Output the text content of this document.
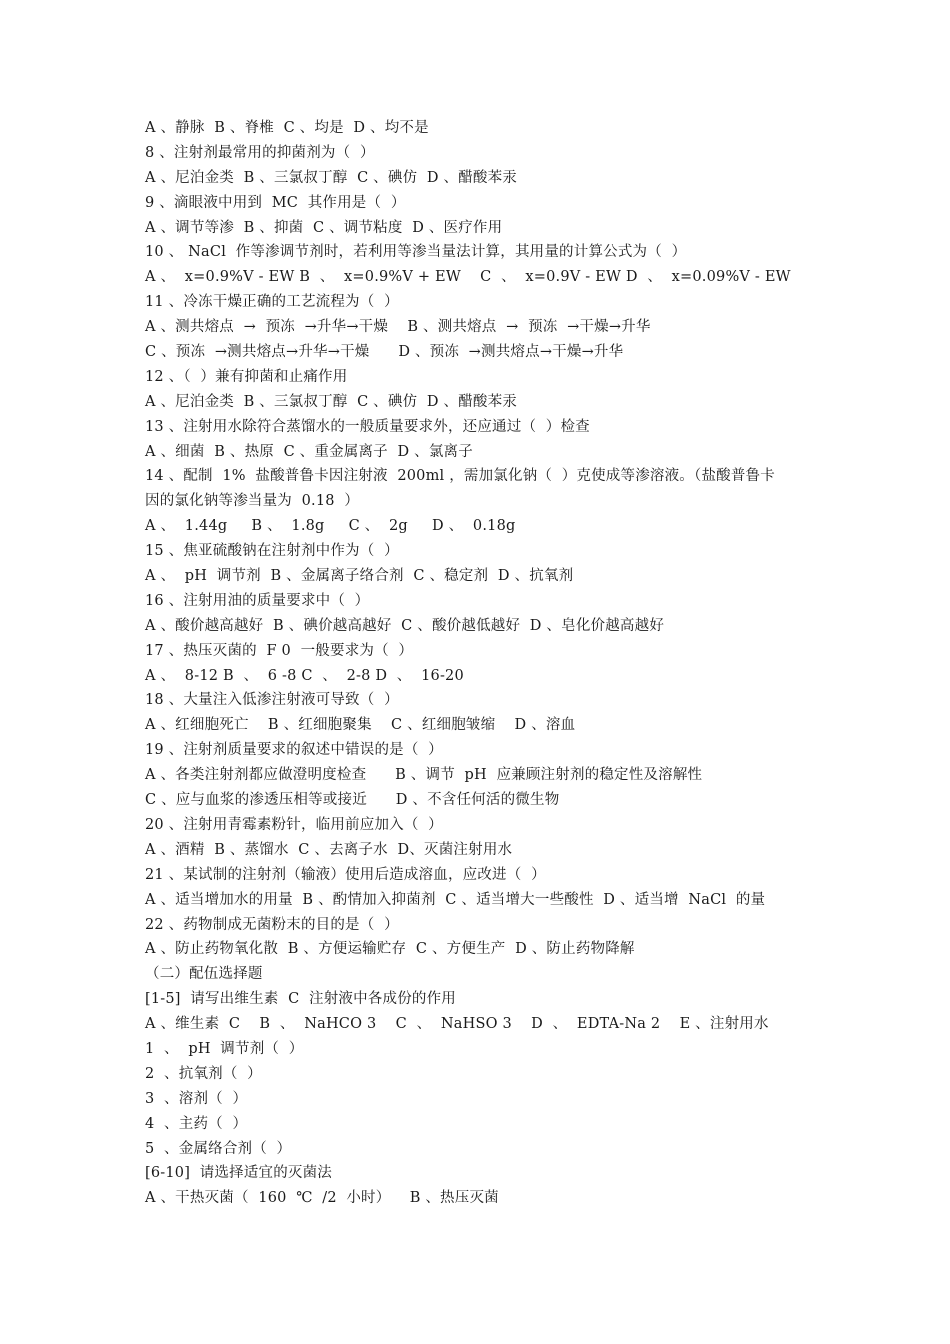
A 、静脉  B 、脊椎  C 、均是  D 、均不是
8 、注射剂最常用的抑菌剂为（  ）
A 、尼泊金类  B 、三氯叔丁醇  C 、碘仿  D 、醋酸苯汞
9 、滴眼液中用到  MC  其作用是（  ）
A 、调节等渗  B 、抑菌  C 、调节粘度  D 、医疗作用
10 、 NaCl  作等渗调节剂时，若利用等渗当量法计算，其用量的计算公式为（  ）
A 、  x=0.9%V - EW B  、  x=0.9%V + EW    C  、  x=0.9V - EW D  、  x=0.09%V - EW
11 、冷冻干燥正确的工艺流程为（  ）
A 、测共熔点  →  预冻  →升华→干燥    B 、测共熔点  →  预冻  →干燥→升华
C 、预冻  →测共熔点→升华→干燥      D 、预冻  →测共熔点→干燥→升华
12 、（  ）兼有抑菌和止痛作用
A 、尼泊金类  B 、三氯叔丁醇  C 、碘仿  D 、醋酸苯汞
13 、注射用水除符合蒸馏水的一般质量要求外，还应通过（  ）检查
A 、细菌  B 、热原  C 、重金属离子  D 、氯离子
14 、配制  1%  盐酸普鲁卡因注射液  200ml ，需加氯化钠（  ）克使成等渗溶液。（盐酸普鲁卡
因的氯化钠等渗当量为  0.18  ）
A 、  1.44g     B 、  1.8g     C 、  2g     D 、  0.18g
15 、焦亚硫酸钠在注射剂中作为（  ）
A 、  pH  调节剂  B 、金属离子络合剂  C 、稳定剂  D 、抗氧剂
16 、注射用油的质量要求中（  ）
A 、酸价越高越好  B 、碘价越高越好  C 、酸价越低越好  D 、皂化价越高越好
17 、热压灭菌的  F 0  一般要求为（  ）
A 、  8-12 B  、  6 -8 C  、  2-8 D  、  16-20
18 、大量注入低渗注射液可导致（  ）
A 、红细胞死亡    B 、红细胞聚集    C 、红细胞皱缩    D 、溶血
19 、注射剂质量要求的叙述中错误的是（  ）
A 、各类注射剂都应做澄明度检查      B 、调节  pH  应兼顾注射剂的稳定性及溶解性
C 、应与血浆的渗透压相等或接近      D 、不含任何活的微生物
20 、注射用青霉素粉针，临用前应加入（  ）
A 、酒精  B 、蒸馏水  C 、去离子水  D、灭菌注射用水
21 、某试制的注射剂（输液）使用后造成溶血，应改进（  ）
A 、适当增加水的用量  B 、酌情加入抑菌剂  C 、适当增大一些酸性  D 、适当增  NaCl  的量
22 、药物制成无菌粉末的目的是（  ）
A 、防止药物氧化散  B 、方便运输贮存  C 、方便生产  D 、防止药物降解
（二）配伍选择题
[1-5]  请写出维生素  C  注射液中各成份的作用
A 、维生素  C    B  、  NaHCO 3    C  、  NaHSO 3    D  、  EDTA-Na 2    E 、注射用水
1  、  pH  调节剂（  ）
2  、抗氧剂（  ）
3  、溶剂（  ）
4  、主药（  ）
5  、金属络合剂（  ）
[6-10]  请选择适宜的灭菌法
A 、干热灭菌（  160  ℃  /2  小时）    B 、热压灭菌
